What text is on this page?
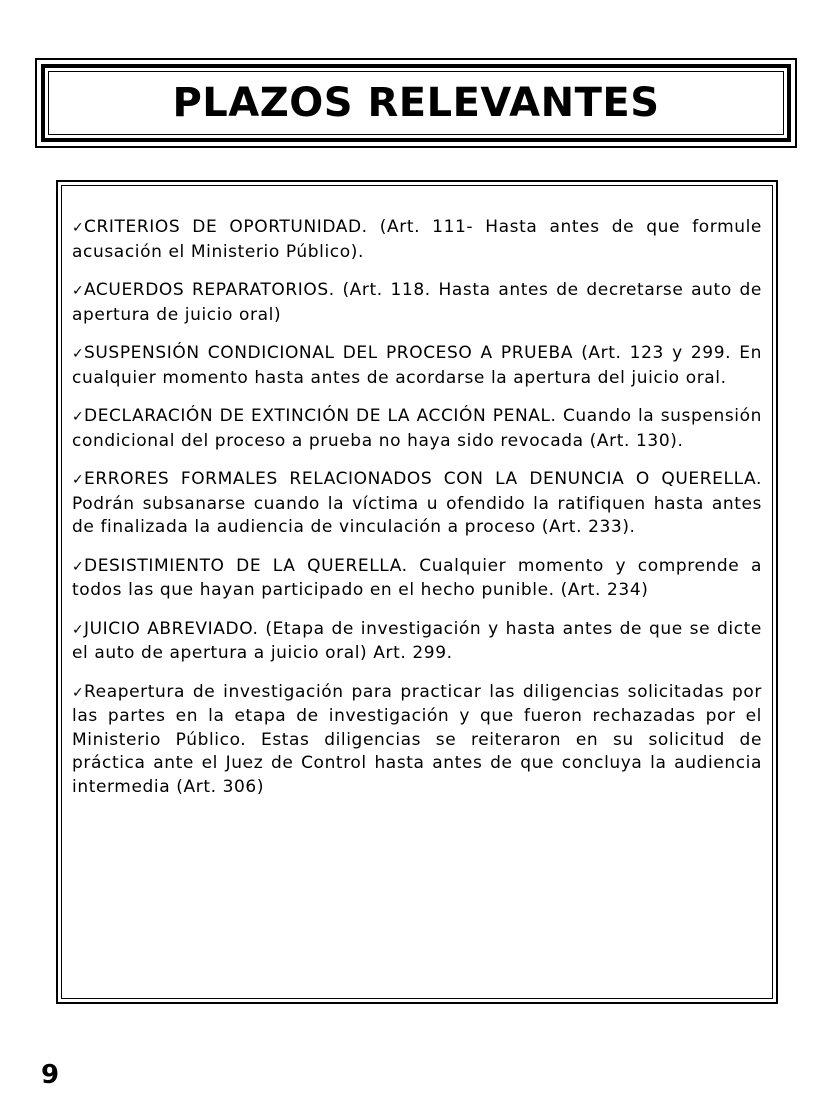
PLAZOS RELEVANTES

✓CRITERIOS DE OPORTUNIDAD. (Art. 111- Hasta antes de que formule acusación el Ministerio Público).

✓ACUERDOS REPARATORIOS. (Art. 118. Hasta antes de decretarse auto de apertura de juicio oral)

✓SUSPENSIÓN CONDICIONAL DEL PROCESO A PRUEBA (Art. 123 y 299. En cualquier momento hasta antes de acordarse la apertura del juicio oral.

✓DECLARACIÓN DE EXTINCIÓN DE LA ACCIÓN PENAL. Cuando la suspensión condicional del proceso a prueba no haya sido revocada (Art. 130).

✓ERRORES FORMALES RELACIONADOS CON LA DENUNCIA O QUERELLA. Podrán subsanarse cuando la víctima u ofendido la ratifiquen hasta antes de finalizada la audiencia de vinculación a proceso (Art. 233).

✓DESISTIMIENTO DE LA QUERELLA. Cualquier momento y comprende a todos las que hayan participado en el hecho punible. (Art. 234)

✓JUICIO ABREVIADO. (Etapa de investigación y hasta antes de que se dicte el auto de apertura a juicio oral) Art. 299.

✓Reapertura de investigación para practicar las diligencias solicitadas por las partes en la etapa de investigación y que fueron rechazadas por el Ministerio Público. Estas diligencias se reiteraron en su solicitud de práctica ante el Juez de Control hasta antes de que concluya la audiencia intermedia (Art. 306)

9
